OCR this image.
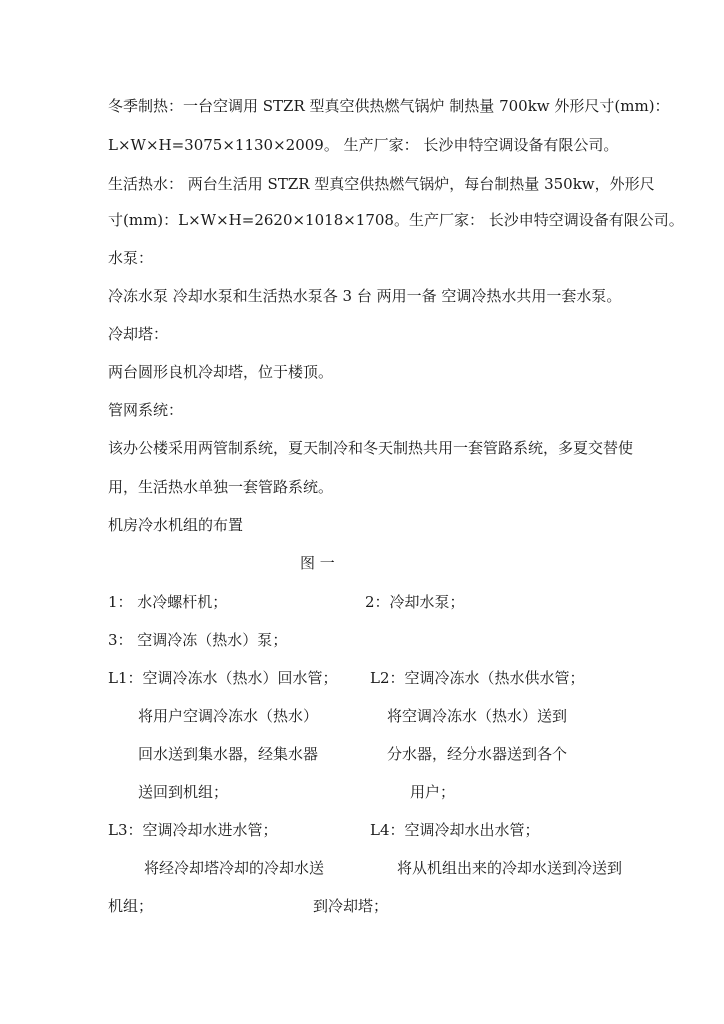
冬季制热：一台空调用 STZR 型真空供热燃气锅炉 制热量 700kw 外形尺寸(mm)：
L×W×H=3075×1130×2009。 生产厂家： 长沙申特空调设备有限公司。
生活热水： 两台生活用 STZR 型真空供热燃气锅炉，每台制热量 350kw，外形尺
寸(mm)：L×W×H=2620×1018×1708。生产厂家： 长沙申特空调设备有限公司。
水泵：
冷冻水泵 冷却水泵和生活热水泵各 3 台 两用一备 空调冷热水共用一套水泵。
冷却塔：
两台圆形良机冷却塔，位于楼顶。
管网系统：
该办公楼采用两管制系统，夏天制冷和冬天制热共用一套管路系统，多夏交替使
用，生活热水单独一套管路系统。
机房冷水机组的布置
图 一
1： 水冷螺杆机；	2：冷却水泵；
3： 空调冷冻（热水）泵；
L1：空调冷冻水（热水）回水管； L2：空调冷冻水（热水供水管；
将用户空调冷冻水（热水）	将空调冷冻水（热水）送到
回水送到集水器，经集水器	分水器，经分水器送到各个
送回到机组；	用户；
L3：空调冷却水进水管；	L4：空调冷却水出水管；
将经冷却塔冷却的冷却水送	将从机组出来的冷却水送到冷送到
机组；	到冷却塔；
